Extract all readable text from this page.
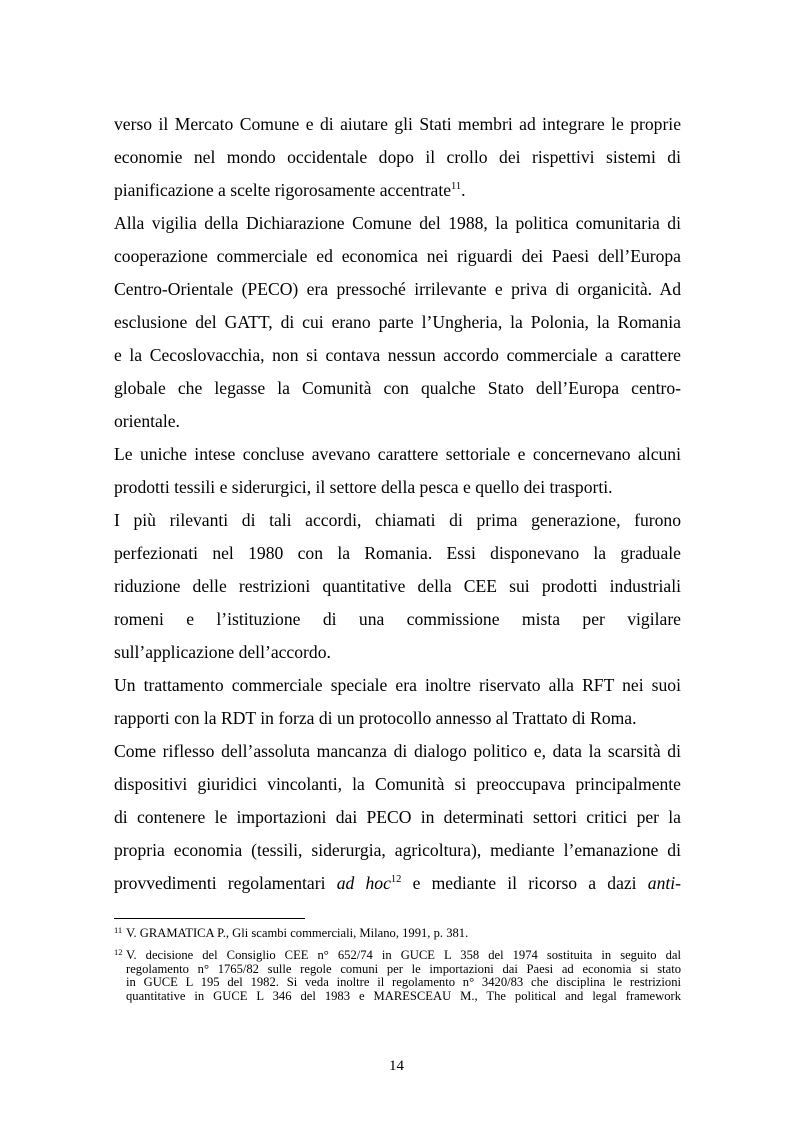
verso il Mercato Comune e di aiutare gli Stati membri ad integrare le proprie
economie nel mondo occidentale dopo il crollo dei rispettivi sistemi di
pianificazione a scelte rigorosamente accentrate$^{11}$.
Alla vigilia della Dichiarazione Comune del 1988, la politica comunitaria di
cooperazione commerciale ed economica nei riguardi dei Paesi dell’Europa
Centro-Orientale (PECO) era pressoché irrilevante e priva di organicità. Ad
esclusione del GATT, di cui erano parte l’Ungheria, la Polonia, la Romania
e la Cecoslovacchia, non si contava nessun accordo commerciale a carattere
globale che legasse la Comunità con qualche Stato dell’Europa centro-
orientale.
Le uniche intese concluse avevano carattere settoriale e concernevano alcuni
prodotti tessili e siderurgici, il settore della pesca e quello dei trasporti.
I più rilevanti di tali accordi, chiamati di prima generazione, furono
perfezionati nel 1980 con la Romania. Essi disponevano la graduale
riduzione delle restrizioni quantitative della CEE sui prodotti industriali
romeni e l’istituzione di una commissione mista per vigilare
sull’applicazione dell’accordo.
Un trattamento commerciale speciale era inoltre riservato alla RFT nei suoi
rapporti con la RDT in forza di un protocollo annesso al Trattato di Roma.
Come riflesso dell’assoluta mancanza di dialogo politico e, data la scarsità di
dispositivi giuridici vincolanti, la Comunità si preoccupava principalmente
di contenere le importazioni dai PECO in determinati settori critici per la
propria economia (tessili, siderurgia, agricoltura), mediante l’emanazione di
provvedimenti regolamentari ad hoc$^{12}$ e mediante il ricorso a dazi anti-
$^{11}$ V. GRAMATICA P., Gli scambi commerciali, Milano, 1991, p. 381.
$^{12}$ V. decisione del Consiglio CEE n° 652/74 in GUCE L 358 del 1974 sostituita in seguito dal
regolamento n° 1765/82 sulle regole comuni per le importazioni dai Paesi ad economia si stato
in GUCE L 195 del 1982. Si veda inoltre il regolamento n° 3420/83 che disciplina le restrizioni
quantitative in GUCE L 346 del 1983 e MARESCEAU M., The political and legal framework
14
